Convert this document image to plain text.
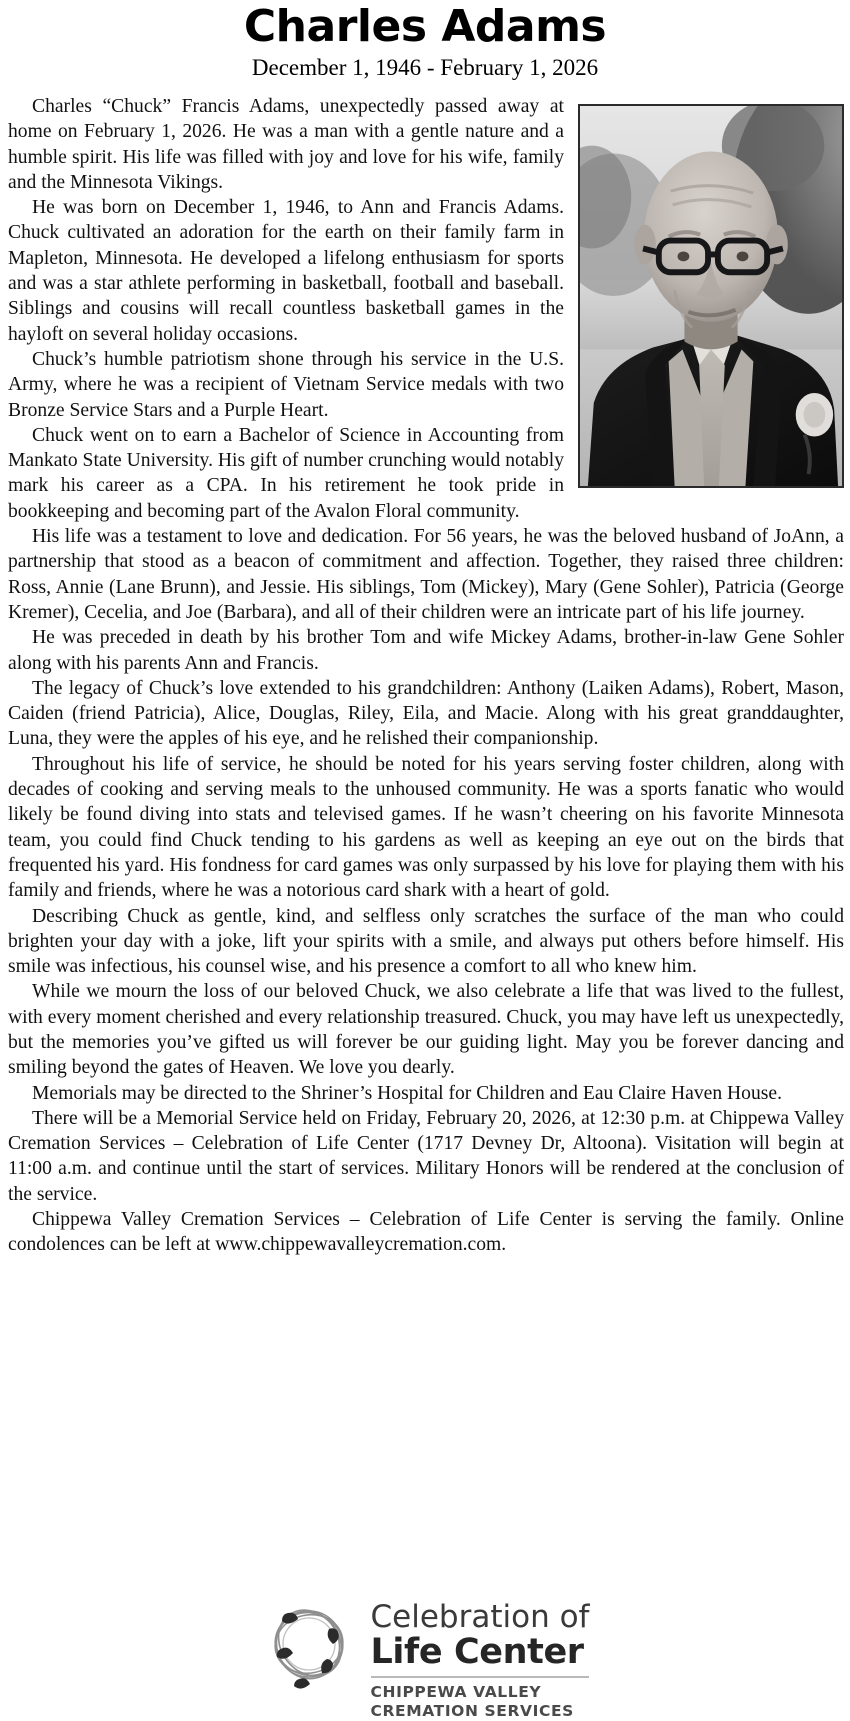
Charles Adams
December 1, 1946 - February 1, 2026

Charles “Chuck” Francis Adams, unexpectedly passed away at home on February 1, 2026. He was a man with a gentle nature and a humble spirit. His life was filled with joy and love for his wife, family and the Minnesota Vikings.

He was born on December 1, 1946, to Ann and Francis Adams. Chuck cultivated an adoration for the earth on their family farm in Mapleton, Minnesota. He developed a lifelong enthusiasm for sports and was a star athlete performing in basketball, football and baseball. Siblings and cousins will recall countless basketball games in the hayloft on several holiday occasions.

Chuck’s humble patriotism shone through his service in the U.S. Army, where he was a recipient of Vietnam Service medals with two Bronze Service Stars and a Purple Heart.

Chuck went on to earn a Bachelor of Science in Accounting from Mankato State University. His gift of number crunching would notably mark his career as a CPA. In his retirement he took pride in bookkeeping and becoming part of the Avalon Floral community.

His life was a testament to love and dedication. For 56 years, he was the beloved husband of JoAnn, a partnership that stood as a beacon of commitment and affection. Together, they raised three children: Ross, Annie (Lane Brunn), and Jessie. His siblings, Tom (Mickey), Mary (Gene Sohler), Patricia (George Kremer), Cecelia, and Joe (Barbara), and all of their children were an intricate part of his life journey.

He was preceded in death by his brother Tom and wife Mickey Adams, brother-in-law Gene Sohler along with his parents Ann and Francis.

The legacy of Chuck’s love extended to his grandchildren: Anthony (Laiken Adams), Robert, Mason, Caiden (friend Patricia), Alice, Douglas, Riley, Eila, and Macie. Along with his great granddaughter, Luna, they were the apples of his eye, and he relished their companionship.

Throughout his life of service, he should be noted for his years serving foster children, along with decades of cooking and serving meals to the unhoused community. He was a sports fanatic who would likely be found diving into stats and televised games. If he wasn’t cheering on his favorite Minnesota team, you could find Chuck tending to his gardens as well as keeping an eye out on the birds that frequented his yard. His fondness for card games was only surpassed by his love for playing them with his family and friends, where he was a notorious card shark with a heart of gold.

Describing Chuck as gentle, kind, and selfless only scratches the surface of the man who could brighten your day with a joke, lift your spirits with a smile, and always put others before himself. His smile was infectious, his counsel wise, and his presence a comfort to all who knew him.

While we mourn the loss of our beloved Chuck, we also celebrate a life that was lived to the fullest, with every moment cherished and every relationship treasured. Chuck, you may have left us unexpectedly, but the memories you’ve gifted us will forever be our guiding light. May you be forever dancing and smiling beyond the gates of Heaven. We love you dearly.

Memorials may be directed to the Shriner’s Hospital for Children and Eau Claire Haven House.

There will be a Memorial Service held on Friday, February 20, 2026, at 12:30 p.m. at Chippewa Valley Cremation Services – Celebration of Life Center (1717 Devney Dr, Altoona). Visitation will begin at 11:00 a.m. and continue until the start of services. Military Honors will be rendered at the conclusion of the service.

Chippewa Valley Cremation Services – Celebration of Life Center is serving the family. Online condolences can be left at www.chippewavalleycremation.com.

Celebration of
Life Center
CHIPPEWA VALLEY
CREMATION SERVICES
